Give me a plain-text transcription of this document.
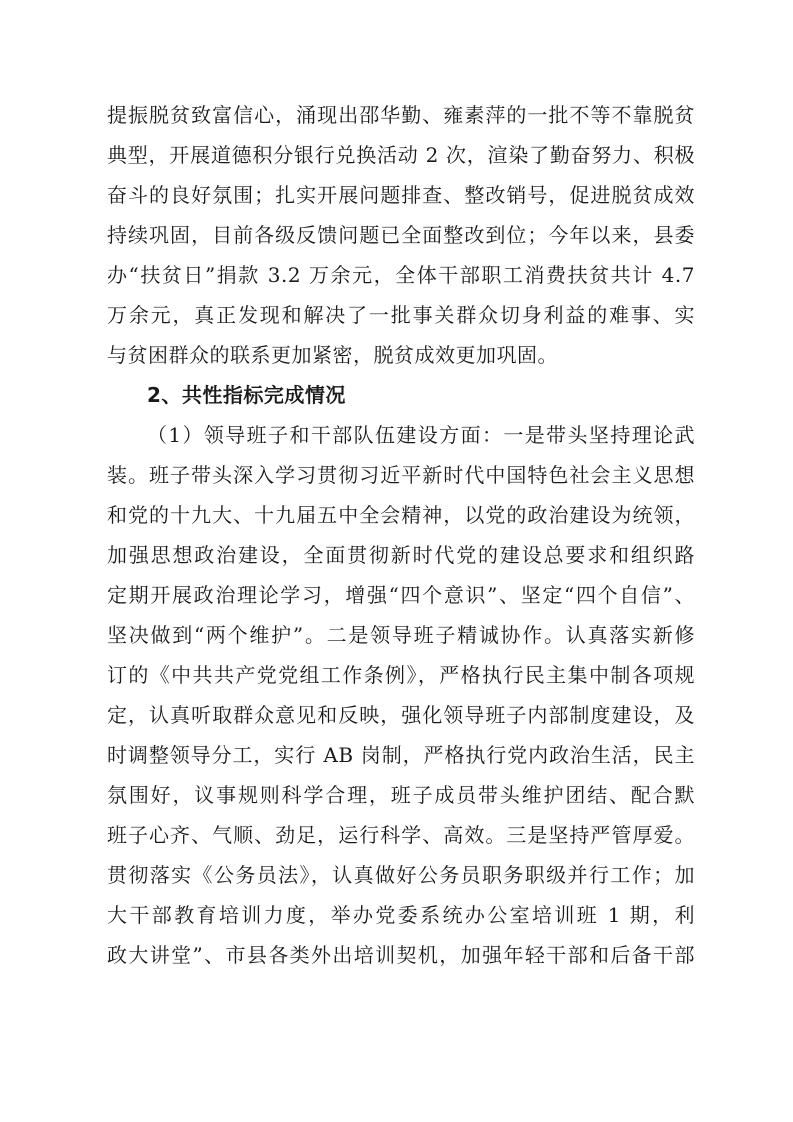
提振脱贫致富信心，涌现出邵华勤、雍素萍的一批不等不靠脱贫
典型，开展道德积分银行兑换活动 2 次，渲染了勤奋努力、积极
奋斗的良好氛围；扎实开展问题排查、整改销号，促进脱贫成效
持续巩固，目前各级反馈问题已全面整改到位；今年以来，县委
办“扶贫日”捐款 3.2 万余元，全体干部职工消费扶贫共计 4.7
万余元，真正发现和解决了一批事关群众切身利益的难事、实
与贫困群众的联系更加紧密，脱贫成效更加巩固。
2、共性指标完成情况
（1）领导班子和干部队伍建设方面：一是带头坚持理论武
装。班子带头深入学习贯彻习近平新时代中国特色社会主义思想
和党的十九大、十九届五中全会精神，以党的政治建设为统领，
加强思想政治建设，全面贯彻新时代党的建设总要求和组织路
定期开展政治理论学习，增强“四个意识”、坚定“四个自信”、
坚决做到“两个维护”。二是领导班子精诚协作。认真落实新修
订的《中共共产党党组工作条例》，严格执行民主集中制各项规
定，认真听取群众意见和反映，强化领导班子内部制度建设，及
时调整领导分工，实行 AB 岗制，严格执行党内政治生活，民主
氛围好，议事规则科学合理，班子成员带头维护团结、配合默
班子心齐、气顺、劲足，运行科学、高效。三是坚持严管厚爱。
贯彻落实《公务员法》，认真做好公务员职务职级并行工作；加
大干部教育培训力度，举办党委系统办公室培训班 1 期，利
政大讲堂”、市县各类外出培训契机，加强年轻干部和后备干部
